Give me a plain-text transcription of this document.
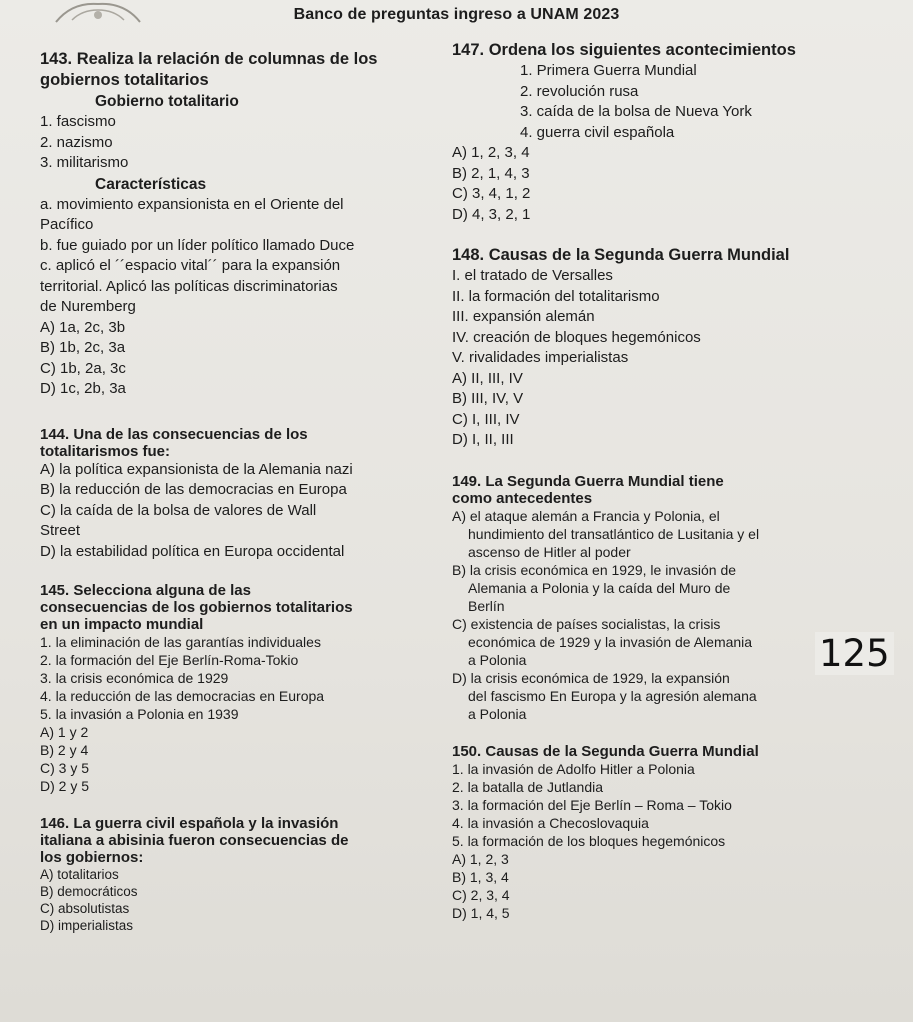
Banco de preguntas ingreso a UNAM 2023
143. Realiza la relación de columnas de los
gobiernos totalitarios
Gobierno totalitario
1. fascismo
2. nazismo
3. militarismo
Características
a. movimiento expansionista en el Oriente del
Pacífico
b. fue guiado por un líder político llamado Duce
c. aplicó el ´´espacio vital´´ para la expansión
territorial. Aplicó las políticas discriminatorias
de Nuremberg
A) 1a, 2c, 3b
B) 1b, 2c, 3a
C) 1b, 2a, 3c
D) 1c, 2b, 3a
144. Una de las consecuencias de los
totalitarismos fue:
A) la política expansionista de la Alemania nazi
B) la reducción de las democracias en Europa
C) la caída de la bolsa de valores de Wall
Street
D) la estabilidad política en Europa occidental
145. Selecciona alguna de las
consecuencias de los gobiernos totalitarios
en un impacto mundial
1. la eliminación de las garantías individuales
2. la formación del Eje Berlín-Roma-Tokio
3. la crisis económica de 1929
4. la reducción de las democracias en Europa
5. la invasión a Polonia en 1939
A) 1 y 2
B) 2 y 4
C) 3 y 5
D) 2 y 5
146. La guerra civil española y la invasión
italiana a abisinia fueron consecuencias de
los gobiernos:
A) totalitarios
B) democráticos
C) absolutistas
D) imperialistas
147. Ordena los siguientes acontecimientos
1. Primera Guerra Mundial
2. revolución rusa
3. caída de la bolsa de Nueva York
4. guerra civil española
A) 1, 2, 3, 4
B) 2, 1, 4, 3
C) 3, 4, 1, 2
D) 4, 3, 2, 1
148. Causas de la Segunda Guerra Mundial
I. el tratado de Versalles
II. la formación del totalitarismo
III. expansión alemán
IV. creación de bloques hegemónicos
V. rivalidades imperialistas
A) II, III, IV
B) III, IV, V
C) I, III, IV
D) I, II, III
149. La Segunda Guerra Mundial tiene
como antecedentes
A) el ataque alemán a Francia y Polonia, el
hundimiento del transatlántico de Lusitania y el
ascenso de Hitler al poder
B) la crisis económica en 1929, le invasión de
Alemania a Polonia y la caída del Muro de
Berlín
C) existencia de países socialistas, la crisis
económica de 1929 y la invasión de Alemania
a Polonia
D) la crisis económica de 1929, la expansión
del fascismo En Europa y la agresión alemana
a Polonia
150. Causas de la Segunda Guerra Mundial
1. la invasión de Adolfo Hitler a Polonia
2. la batalla de Jutlandia
3. la formación del Eje Berlín – Roma – Tokio
4. la invasión a Checoslovaquia
5. la formación de los bloques hegemónicos
A) 1, 2, 3
B) 1, 3, 4
C) 2, 3, 4
D) 1, 4, 5
125
